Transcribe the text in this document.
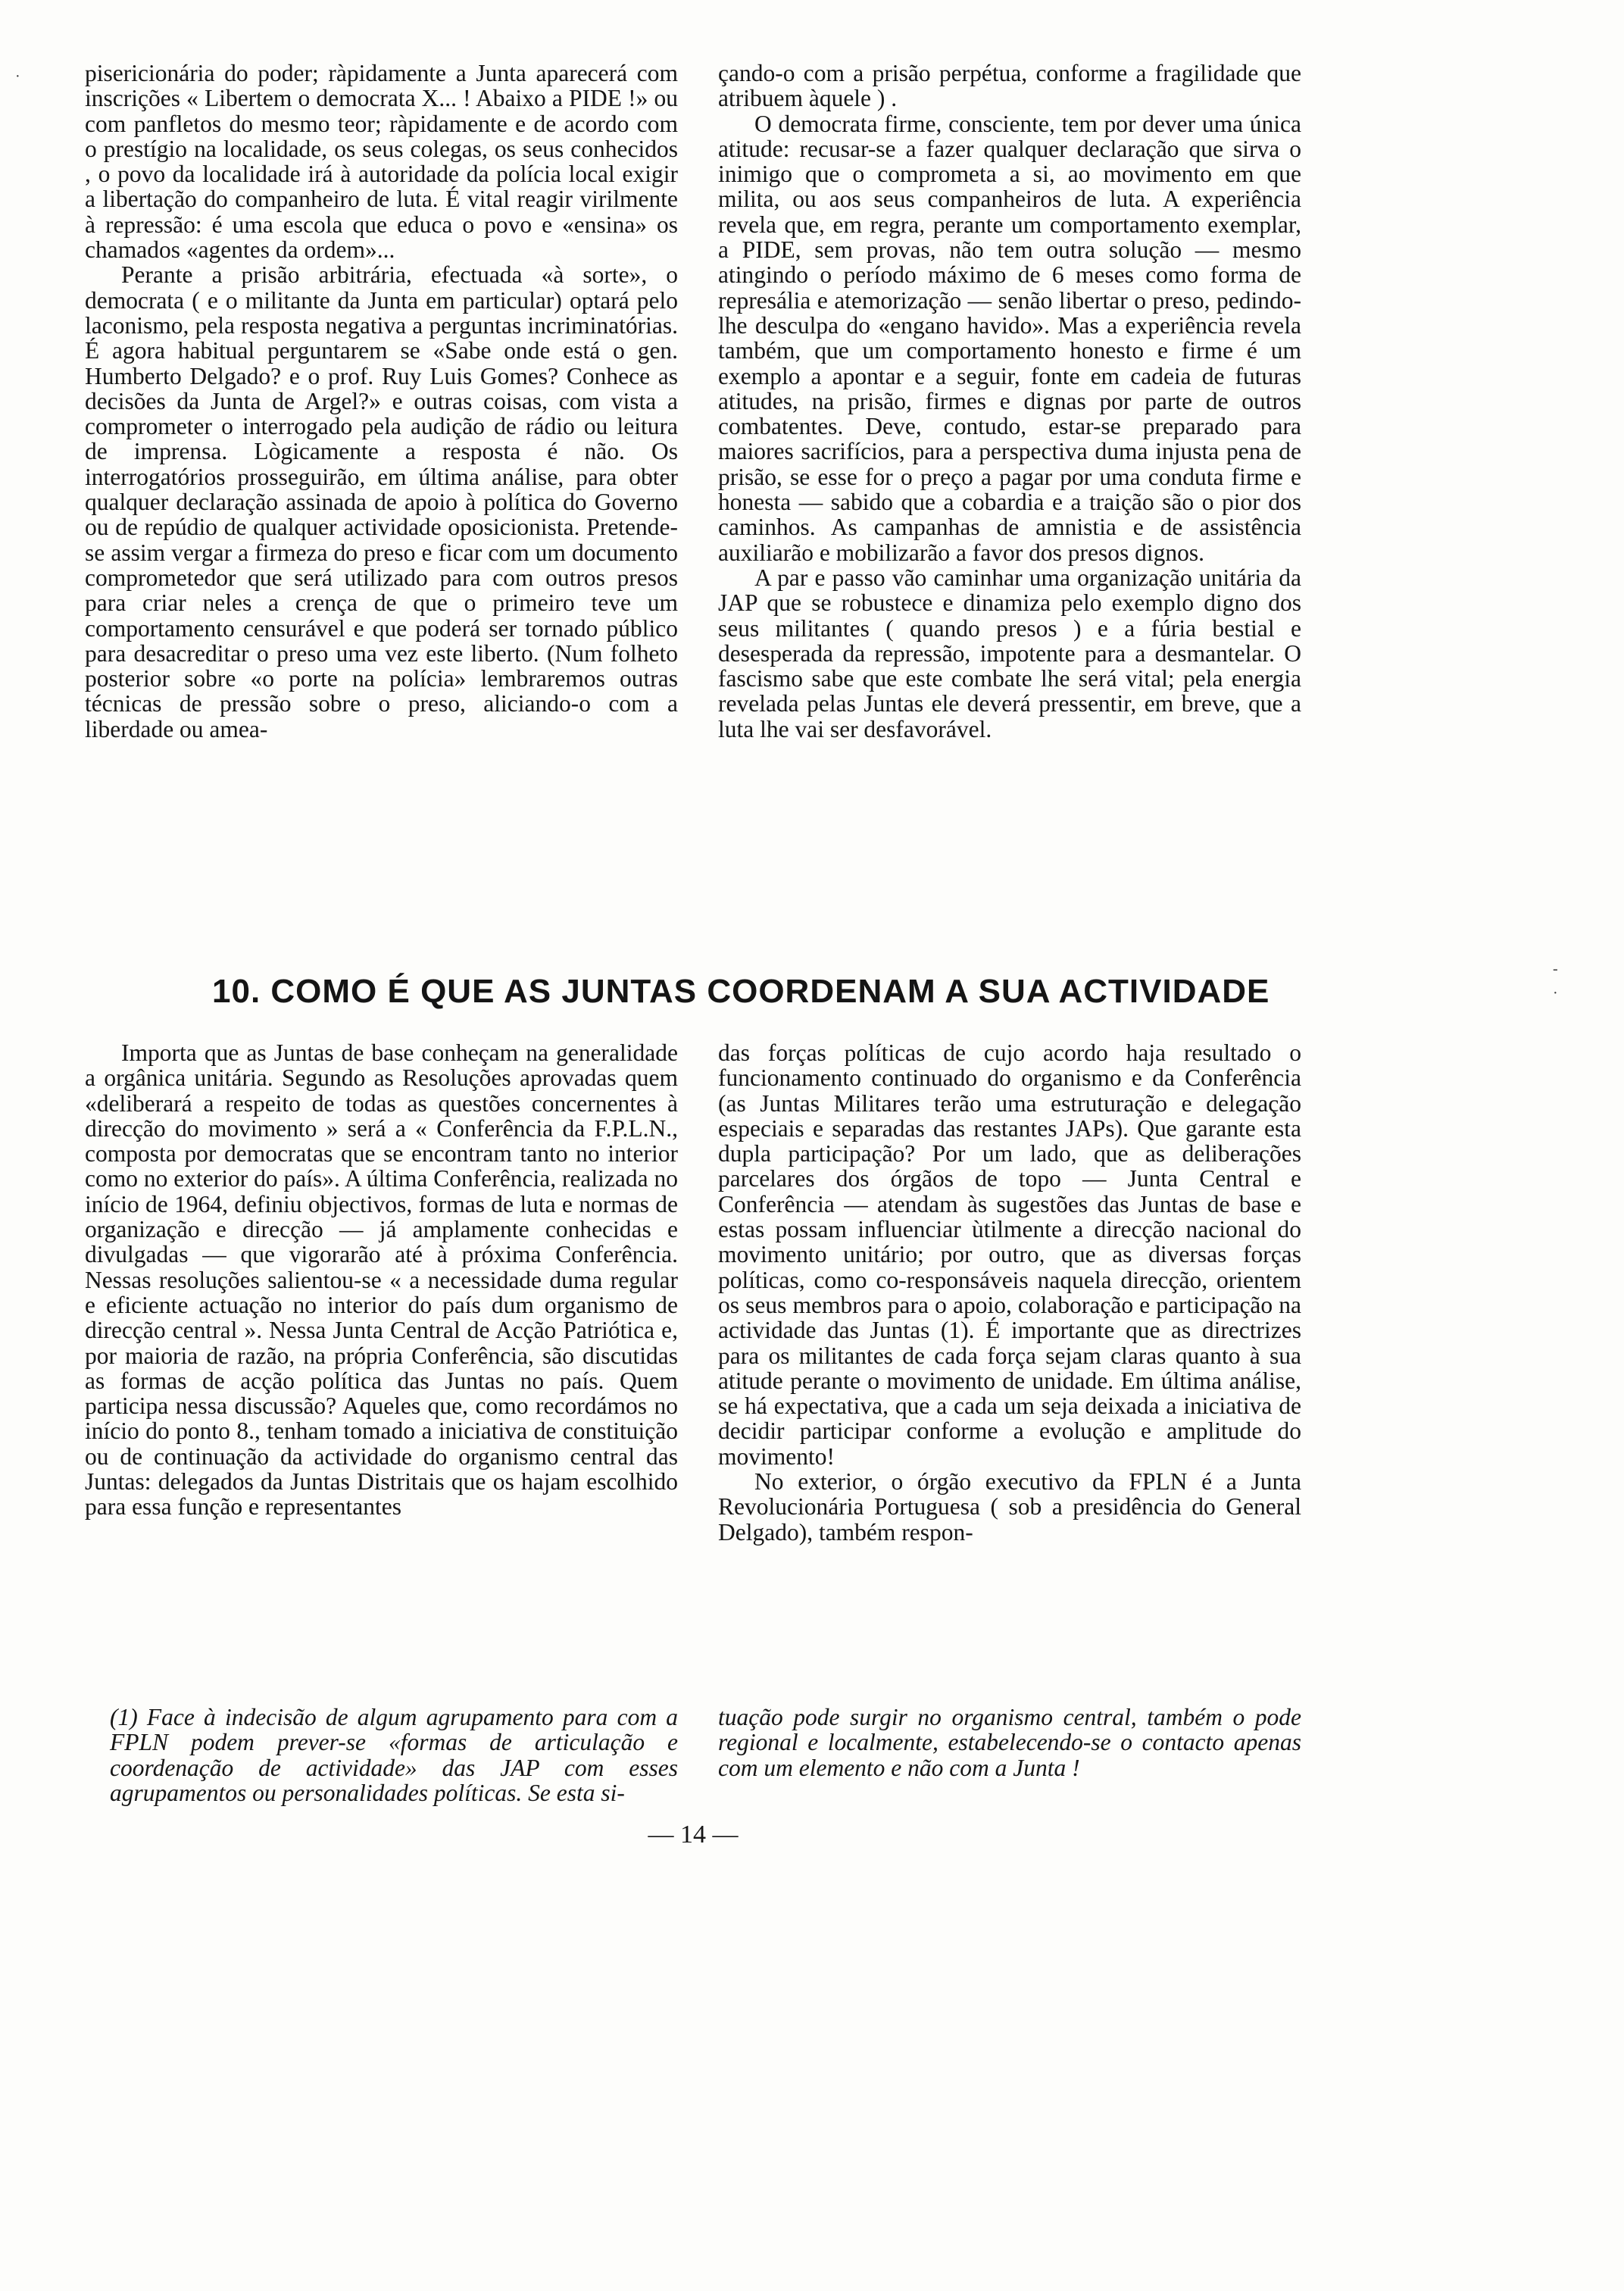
·
-
·

pisericionária do poder; ràpidamente a Junta aparecerá com inscrições « Libertem o democrata X... ! Abaixo a PIDE !» ou com panfletos do mesmo teor; ràpidamente e de acordo com o prestígio na localidade, os seus colegas, os seus conhecidos , o povo da localidade irá à autoridade da polícia local exigir a libertação do companheiro de luta. É vital reagir virilmente à repressão: é uma escola que educa o povo e «ensina» os chamados «agentes da ordem»...

Perante a prisão arbitrária, efectuada «à sorte», o democrata ( e o militante da Junta em particular) optará pelo laconismo, pela resposta negativa a perguntas incriminatórias. É agora habitual perguntarem se «Sabe onde está o gen. Humberto Delgado? e o prof. Ruy Luis Gomes? Conhece as decisões da Junta de Argel?» e outras coisas, com vista a comprometer o interrogado pela audição de rádio ou leitura de imprensa. Lògicamente a resposta é não. Os interrogatórios prosseguirão, em última análise, para obter qualquer declaração assinada de apoio à política do Governo ou de repúdio de qualquer actividade oposicionista. Pretende-se assim vergar a firmeza do preso e ficar com um documento comprometedor que será utilizado para com outros presos para criar neles a crença de que o primeiro teve um comportamento censurável e que poderá ser tornado público para desacreditar o preso uma vez este liberto. (Num folheto posterior sobre «o porte na polícia» lembraremos outras técnicas de pressão sobre o preso, aliciando-o com a liberdade ou amea-

çando-o com a prisão perpétua, conforme a fragilidade que atribuem àquele ) .

O democrata firme, consciente, tem por dever uma única atitude: recusar-se a fazer qualquer declaração que sirva o inimigo que o comprometa a si, ao movimento em que milita, ou aos seus companheiros de luta. A experiência revela que, em regra, perante um comportamento exemplar, a PIDE, sem provas, não tem outra solução — mesmo atingindo o período máximo de 6 meses como forma de represália e atemorização — senão libertar o preso, pedindo-lhe desculpa do «engano havido». Mas a experiência revela também, que um comportamento honesto e firme é um exemplo a apontar e a seguir, fonte em cadeia de futuras atitudes, na prisão, firmes e dignas por parte de outros combatentes. Deve, contudo, estar-se preparado para maiores sacrifícios, para a perspectiva duma injusta pena de prisão, se esse for o preço a pagar por uma conduta firme e honesta — sabido que a cobardia e a traição são o pior dos caminhos. As campanhas de amnistia e de assistência auxiliarão e mobilizarão a favor dos presos dignos.

A par e passo vão caminhar uma organização unitária da JAP que se robustece e dinamiza pelo exemplo digno dos seus militantes ( quando presos ) e a fúria bestial e desesperada da repressão, impotente para a desmantelar. O fascismo sabe que este combate lhe será vital; pela energia revelada pelas Juntas ele deverá pressentir, em breve, que a luta lhe vai ser desfavorável.

10. COMO É QUE AS JUNTAS COORDENAM A SUA ACTIVIDADE

Importa que as Juntas de base conheçam na generalidade a orgânica unitária. Segundo as Resoluções aprovadas quem «deliberará a respeito de todas as questões concernentes à direcção do movimento » será a « Conferência da F.P.L.N., composta por democratas que se encontram tanto no interior como no exterior do país». A última Conferência, realizada no início de 1964, definiu objectivos, formas de luta e normas de organização e direcção — já amplamente conhecidas e divulgadas — que vigorarão até à próxima Conferência. Nessas resoluções salientou-se « a necessidade duma regular e eficiente actuação no interior do país dum organismo de direcção central ». Nessa Junta Central de Acção Patriótica e, por maioria de razão, na própria Conferência, são discutidas as formas de acção política das Juntas no país. Quem participa nessa discussão? Aqueles que, como recordámos no início do ponto 8., tenham tomado a iniciativa de constituição ou de continuação da actividade do organismo central das Juntas: delegados da Juntas Distritais que os hajam escolhido para essa função e representantes

das forças políticas de cujo acordo haja resultado o funcionamento continuado do organismo e da Conferência (as Juntas Militares terão uma estruturação e delegação especiais e separadas das restantes JAPs). Que garante esta dupla participação? Por um lado, que as deliberações parcelares dos órgãos de topo — Junta Central e Conferência — atendam às sugestões das Juntas de base e estas possam influenciar ùtilmente a direcção nacional do movimento unitário; por outro, que as diversas forças políticas, como co-responsáveis naquela direcção, orientem os seus membros para o apoio, colaboração e participação na actividade das Juntas (1). É importante que as directrizes para os militantes de cada força sejam claras quanto à sua atitude perante o movimento de unidade. Em última análise, se há expectativa, que a cada um seja deixada a iniciativa de decidir participar conforme a evolução e amplitude do movimento!

No exterior, o órgão executivo da FPLN é a Junta Revolucionária Portuguesa ( sob a presidência do General Delgado), também respon-

(1) Face à indecisão de algum agrupamento para com a FPLN podem prever-se «formas de articulação e coordenação de actividade» das JAP com esses agrupamentos ou personalidades políticas. Se esta si-
tuação pode surgir no organismo central, também o pode regional e localmente, estabelecendo-se o contacto apenas com um elemento e não com a Junta !
— 14 —
